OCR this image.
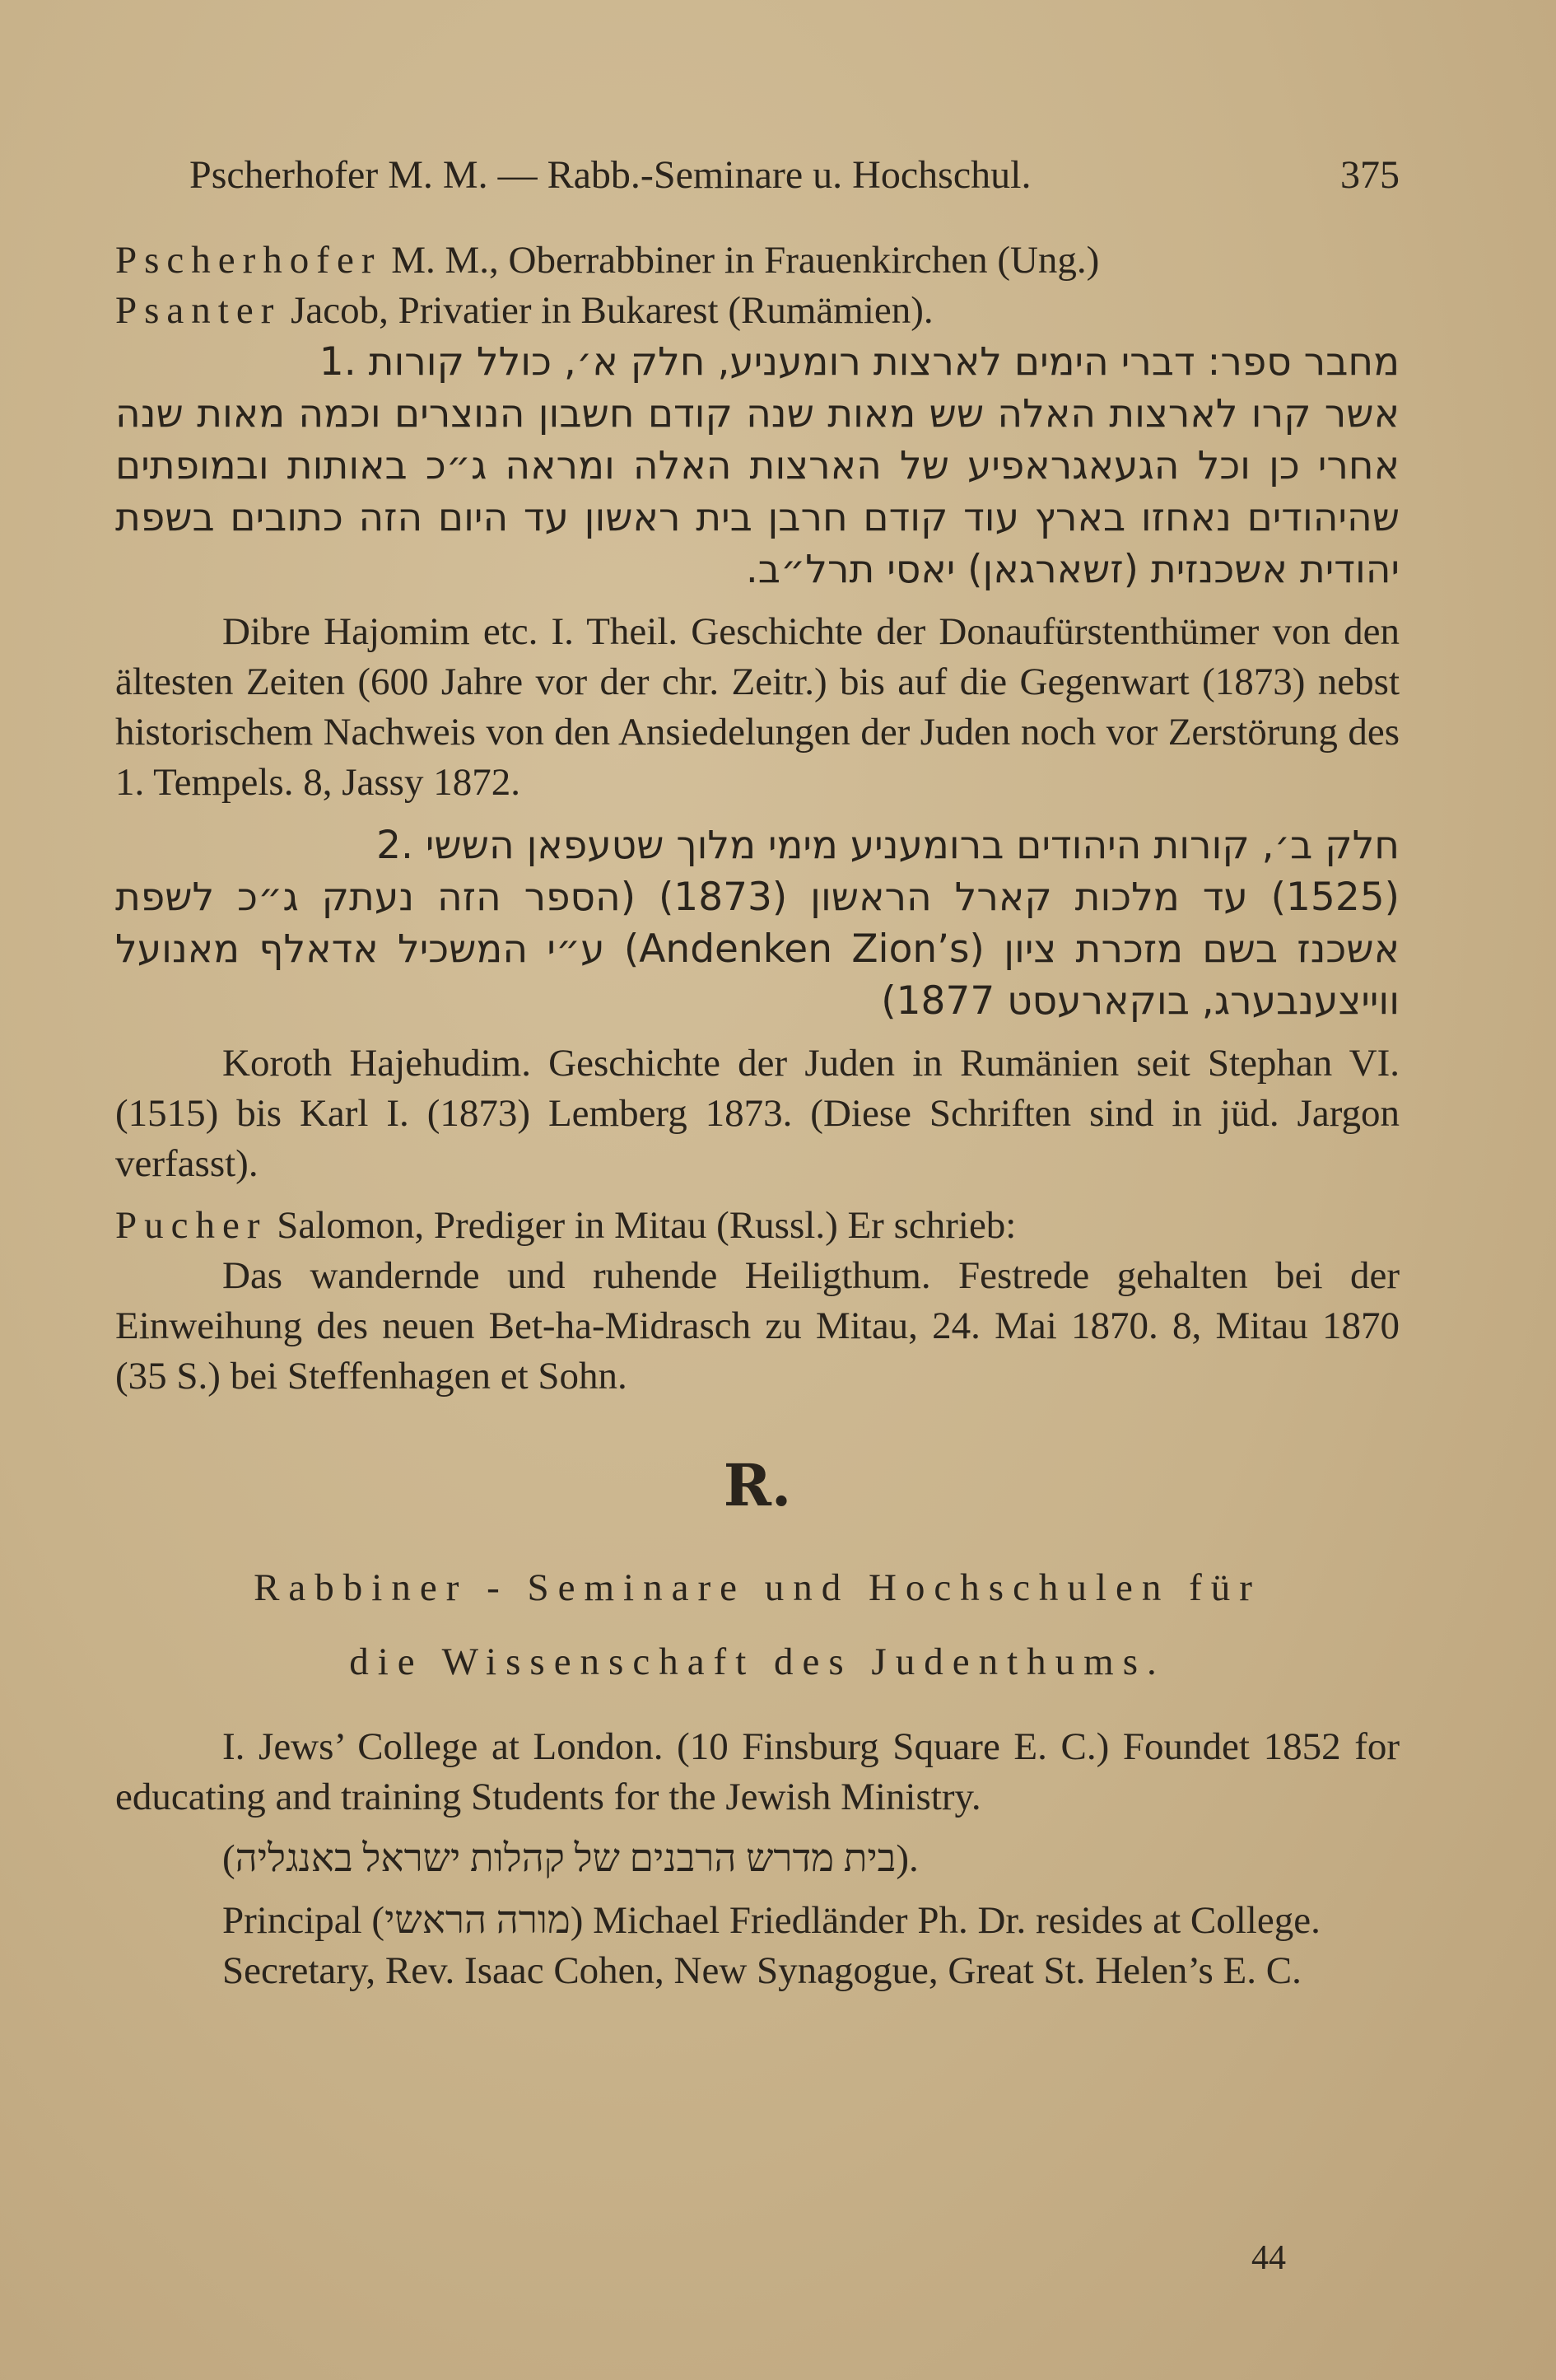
Pscherhofer M. M. — Rabb.-Seminare u. Hochschul.	375

Pscherhofer M. M., Oberrabbiner in Frauenkirchen (Ung.)

Psanter Jacob, Privatier in Bukarest (Rumämien).

מחבר ספר: דברי הימים לארצות רומעניע, חלק א׳, כולל קורות .1

אשר קרו לארצות האלה שש מאות שנה קודם חשבון הנוצרים וכמה מאות שנה אחרי כן וכל הגעאגראפיע של הארצות האלה ומראה ג״כ באותות ובמופתים שהיהודים נאחזו בארץ עוד קודם חרבן בית ראשון עד היום הזה כתובים בשפת יהודית אשכנזית (זשארגאן) יאסי תרל״ב.

Dibre Hajomim etc. I. Theil. Geschichte der Donaufürstenthümer von den ältesten Zeiten (600 Jahre vor der chr. Zeitr.) bis auf die Gegenwart (1873) nebst historischem Nachweis von den Ansiedelungen der Juden noch vor Zerstörung des 1. Tempels. 8, Jassy 1872.

חלק ב׳, קורות היהודים ברומעניע מימי מלוך שטעפאן הששי .2

(1525) עד מלכות קארל הראשון (1873) (הספר הזה נעתק ג״כ לשפת אשכנז בשם מזכרת ציון (Andenken Zion’s) ע״י המשכיל אדאלף מאנועל ווייצענבערג, בוקארעסט 1877)

Koroth Hajehudim. Geschichte der Juden in Rumänien seit Stephan VI. (1515) bis Karl I. (1873) Lemberg 1873. (Diese Schriften sind in jüd. Jargon verfasst).

Pucher Salomon, Prediger in Mitau (Russl.) Er schrieb:

Das wandernde und ruhende Heiligthum. Festrede gehalten bei der Einweihung des neuen Bet-ha-Midrasch zu Mitau, 24. Mai 1870. 8, Mitau 1870 (35 S.) bei Steffenhagen et Sohn.

R.

Rabbiner - Seminare und Hochschulen für

die Wissenschaft des Judenthums.

I. Jews’ College at London. (10 Finsburg Square E. C.) Foundet 1852 for educating and training Students for the Jewish Ministry.

(בית מדרש הרבנים של קהלות ישראל באנגליה).

Principal (מורה הראשי) Michael Friedländer Ph. Dr. resides at College.

Secretary, Rev. Isaac Cohen, New Synagogue, Great St. Helen’s E. C.

44
